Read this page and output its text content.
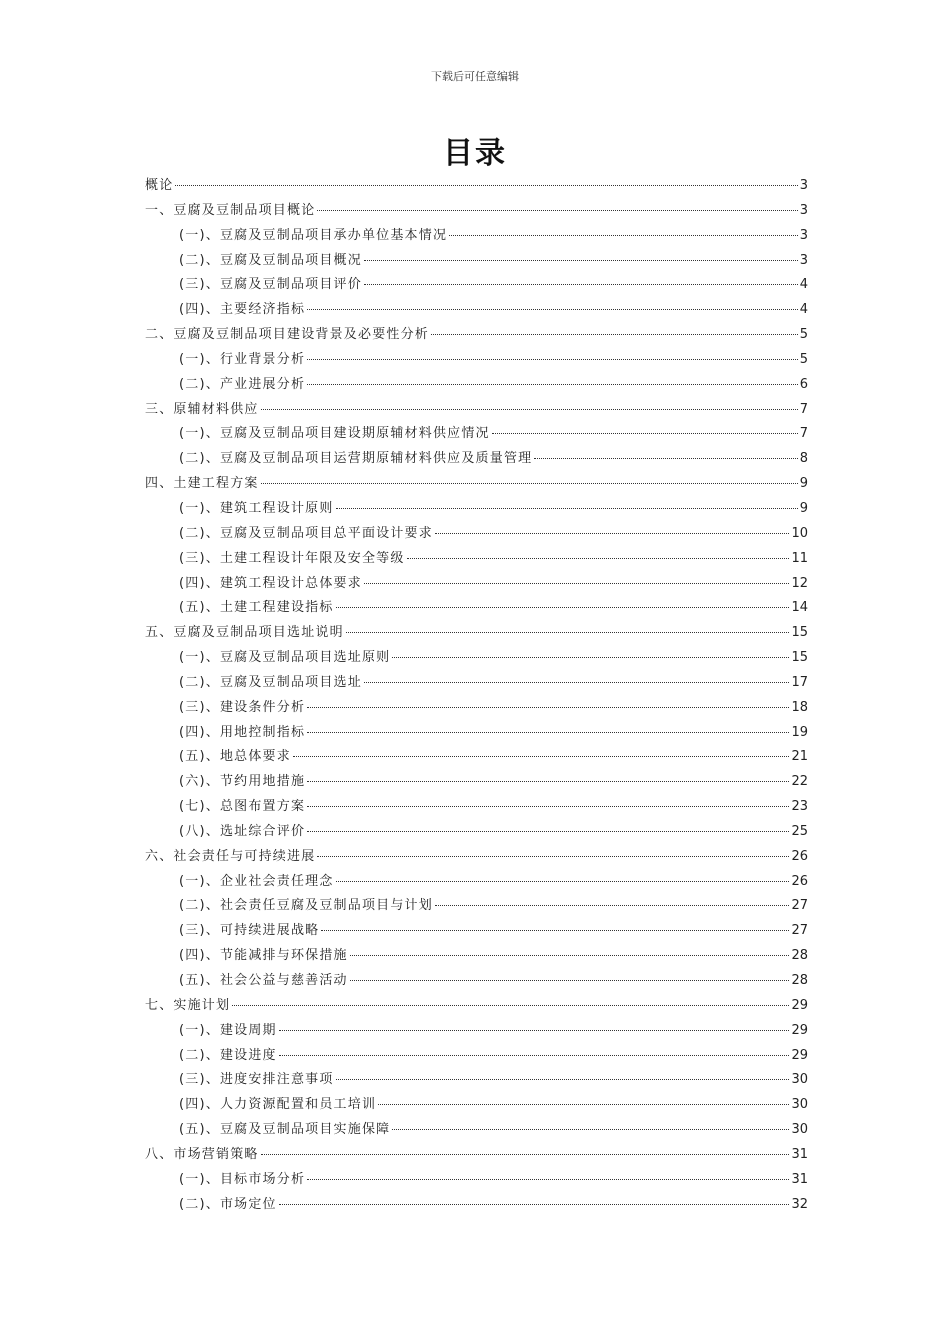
下载后可任意编辑
目录
概论	3
一、豆腐及豆制品项目概论	3
(一)、豆腐及豆制品项目承办单位基本情况	3
(二)、豆腐及豆制品项目概况	3
(三)、豆腐及豆制品项目评价	4
(四)、主要经济指标	4
二、豆腐及豆制品项目建设背景及必要性分析	5
(一)、行业背景分析	5
(二)、产业进展分析	6
三、原辅材料供应	7
(一)、豆腐及豆制品项目建设期原辅材料供应情况	7
(二)、豆腐及豆制品项目运营期原辅材料供应及质量管理	8
四、土建工程方案	9
(一)、建筑工程设计原则	9
(二)、豆腐及豆制品项目总平面设计要求	10
(三)、土建工程设计年限及安全等级	11
(四)、建筑工程设计总体要求	12
(五)、土建工程建设指标	14
五、豆腐及豆制品项目选址说明	15
(一)、豆腐及豆制品项目选址原则	15
(二)、豆腐及豆制品项目选址	17
(三)、建设条件分析	18
(四)、用地控制指标	19
(五)、地总体要求	21
(六)、节约用地措施	22
(七)、总图布置方案	23
(八)、选址综合评价	25
六、社会责任与可持续进展	26
(一)、企业社会责任理念	26
(二)、社会责任豆腐及豆制品项目与计划	27
(三)、可持续进展战略	27
(四)、节能减排与环保措施	28
(五)、社会公益与慈善活动	28
七、实施计划	29
(一)、建设周期	29
(二)、建设进度	29
(三)、进度安排注意事项	30
(四)、人力资源配置和员工培训	30
(五)、豆腐及豆制品项目实施保障	30
八、市场营销策略	31
(一)、目标市场分析	31
(二)、市场定位	32
